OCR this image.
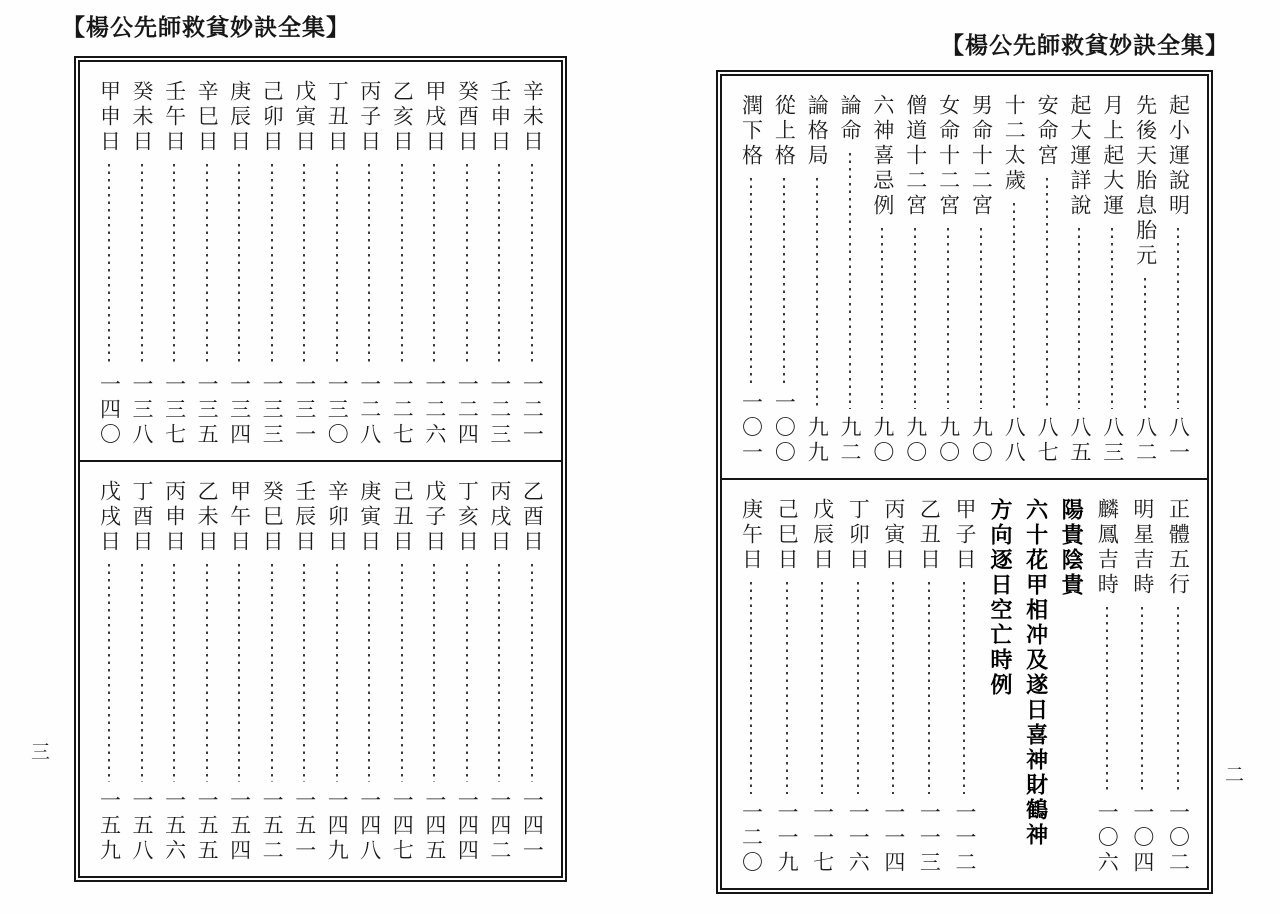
【楊公先師救貧妙訣全集】
辛未日
一二一
壬申日
一二三
癸酉日
一二四
甲戌日
一二六
乙亥日
一二七
丙子日
一二八
丁丑日
一三〇
戊寅日
一三一
己卯日
一三三
庚辰日
一三四
辛巳日
一三五
壬午日
一三七
癸未日
一三八
甲申日
一四〇
乙酉日
一四一
丙戌日
一四二
丁亥日
一四四
戊子日
一四五
己丑日
一四七
庚寅日
一四八
辛卯日
一四九
壬辰日
一五一
癸巳日
一五二
甲午日
一五四
乙未日
一五五
丙申日
一五六
丁酉日
一五八
戊戌日
一五九
三
【楊公先師救貧妙訣全集】
起小運說明
八一
先後天胎息胎元
八二
月上起大運
八三
起大運詳說
八五
安命宮
八七
十二太歲
八八
男命十二宮
九〇
女命十二宮
九〇
僧道十二宮
九〇
六神喜忌例
九〇
論命
九二
論格局
九九
從上格
一〇〇
潤下格
一〇一
正體五行
一〇二
明星吉時
一〇四
麟鳳吉時
一〇六
陽貴陰貴
六十花甲相冲及遂日喜神財鶴神
方向逐日空亡時例
甲子日
一一二
乙丑日
一一三
丙寅日
一一四
丁卯日
一一六
戊辰日
一一七
己巳日
一一九
庚午日
一二〇
二
